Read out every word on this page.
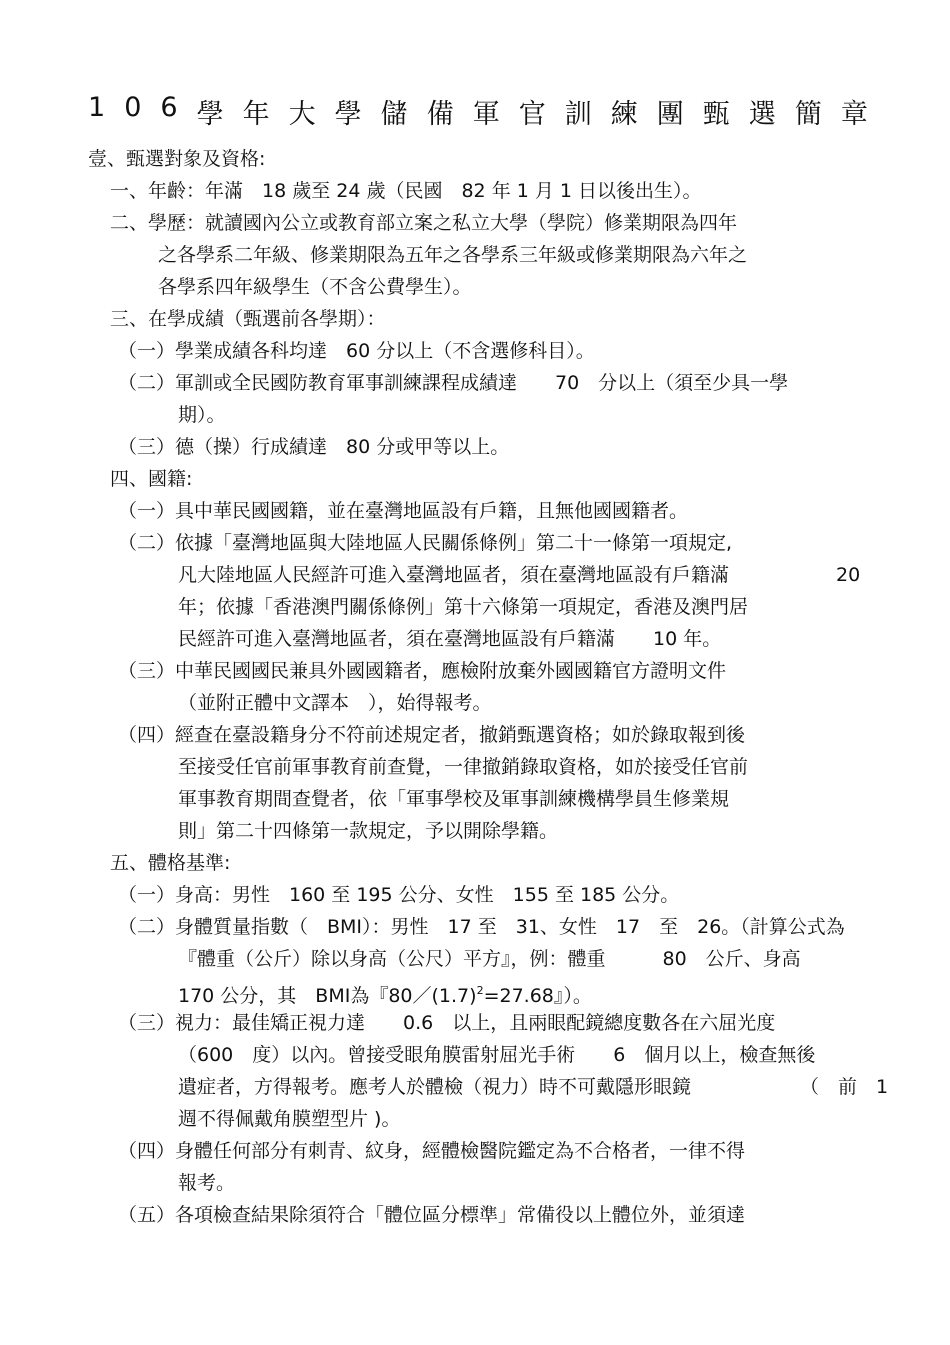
1 0 6 學 年 大 學 儲 備 軍 官 訓 練 團 甄 選 簡 章
壹、甄選對象及資格:
一、年齡：年滿　18 歲至 24 歲（民國　82 年 1 月 1 日以後出生）。
二、學歷：就讀國內公立或教育部立案之私立大學（學院）修業期限為四年
之各學系二年級、修業期限為五年之各學系三年級或修業期限為六年之
各學系四年級學生（不含公費學生）。
三、在學成績（甄選前各學期）：
（一）學業成績各科均達　60 分以上（不含選修科目）。
（二）軍訓或全民國防教育軍事訓練課程成績達　　70　分以上（須至少具一學
期）。
（三）德（操）行成績達　80 分或甲等以上。
四、國籍:
（一）具中華民國國籍，並在臺灣地區設有戶籍，且無他國國籍者。
（二）依據「臺灣地區與大陸地區人民關係條例」第二十一條第一項規定,
凡大陸地區人民經許可進入臺灣地區者，須在臺灣地區設有戶籍滿	20
年；依據「香港澳門關係條例」第十六條第一項規定，香港及澳門居
民經許可進入臺灣地區者，須在臺灣地區設有戶籍滿　　10 年。
（三）中華民國國民兼具外國國籍者，應檢附放棄外國國籍官方證明文件
（並附正體中文譯本　），始得報考。
（四）經查在臺設籍身分不符前述規定者，撤銷甄選資格；如於錄取報到後
至接受任官前軍事教育前查覺，一律撤銷錄取資格，如於接受任官前
軍事教育期間查覺者，依「軍事學校及軍事訓練機構學員生修業規
則」第二十四條第一款規定，予以開除學籍。
五、體格基準:
（一）身高：男性　160 至 195 公分、女性　155 至 185 公分。
（二）身體質量指數（　BMI）：男性　17 至　31、女性　17　至　26。（計算公式為
『體重（公斤）除以身高（公尺）平方』，例：體重　　　80　公斤、身高
170 公分，其　BMI為『$80/(1.7)^2=27.68$』）。
（三）視力：最佳矯正視力達　　0.6　以上，且兩眼配鏡總度數各在六屈光度
（600　度）以內。曾接受眼角膜雷射屈光手術　　6　個月以上，檢查無後
遺症者，方得報考。應考人於體檢（視力）時不可戴隱形眼鏡	（　前　1
週不得佩戴角膜塑型片 )。
（四）身體任何部分有刺青、紋身，經體檢醫院鑑定為不合格者，一律不得
報考。
（五）各項檢查結果除須符合「體位區分標準」常備役以上體位外，並須達
